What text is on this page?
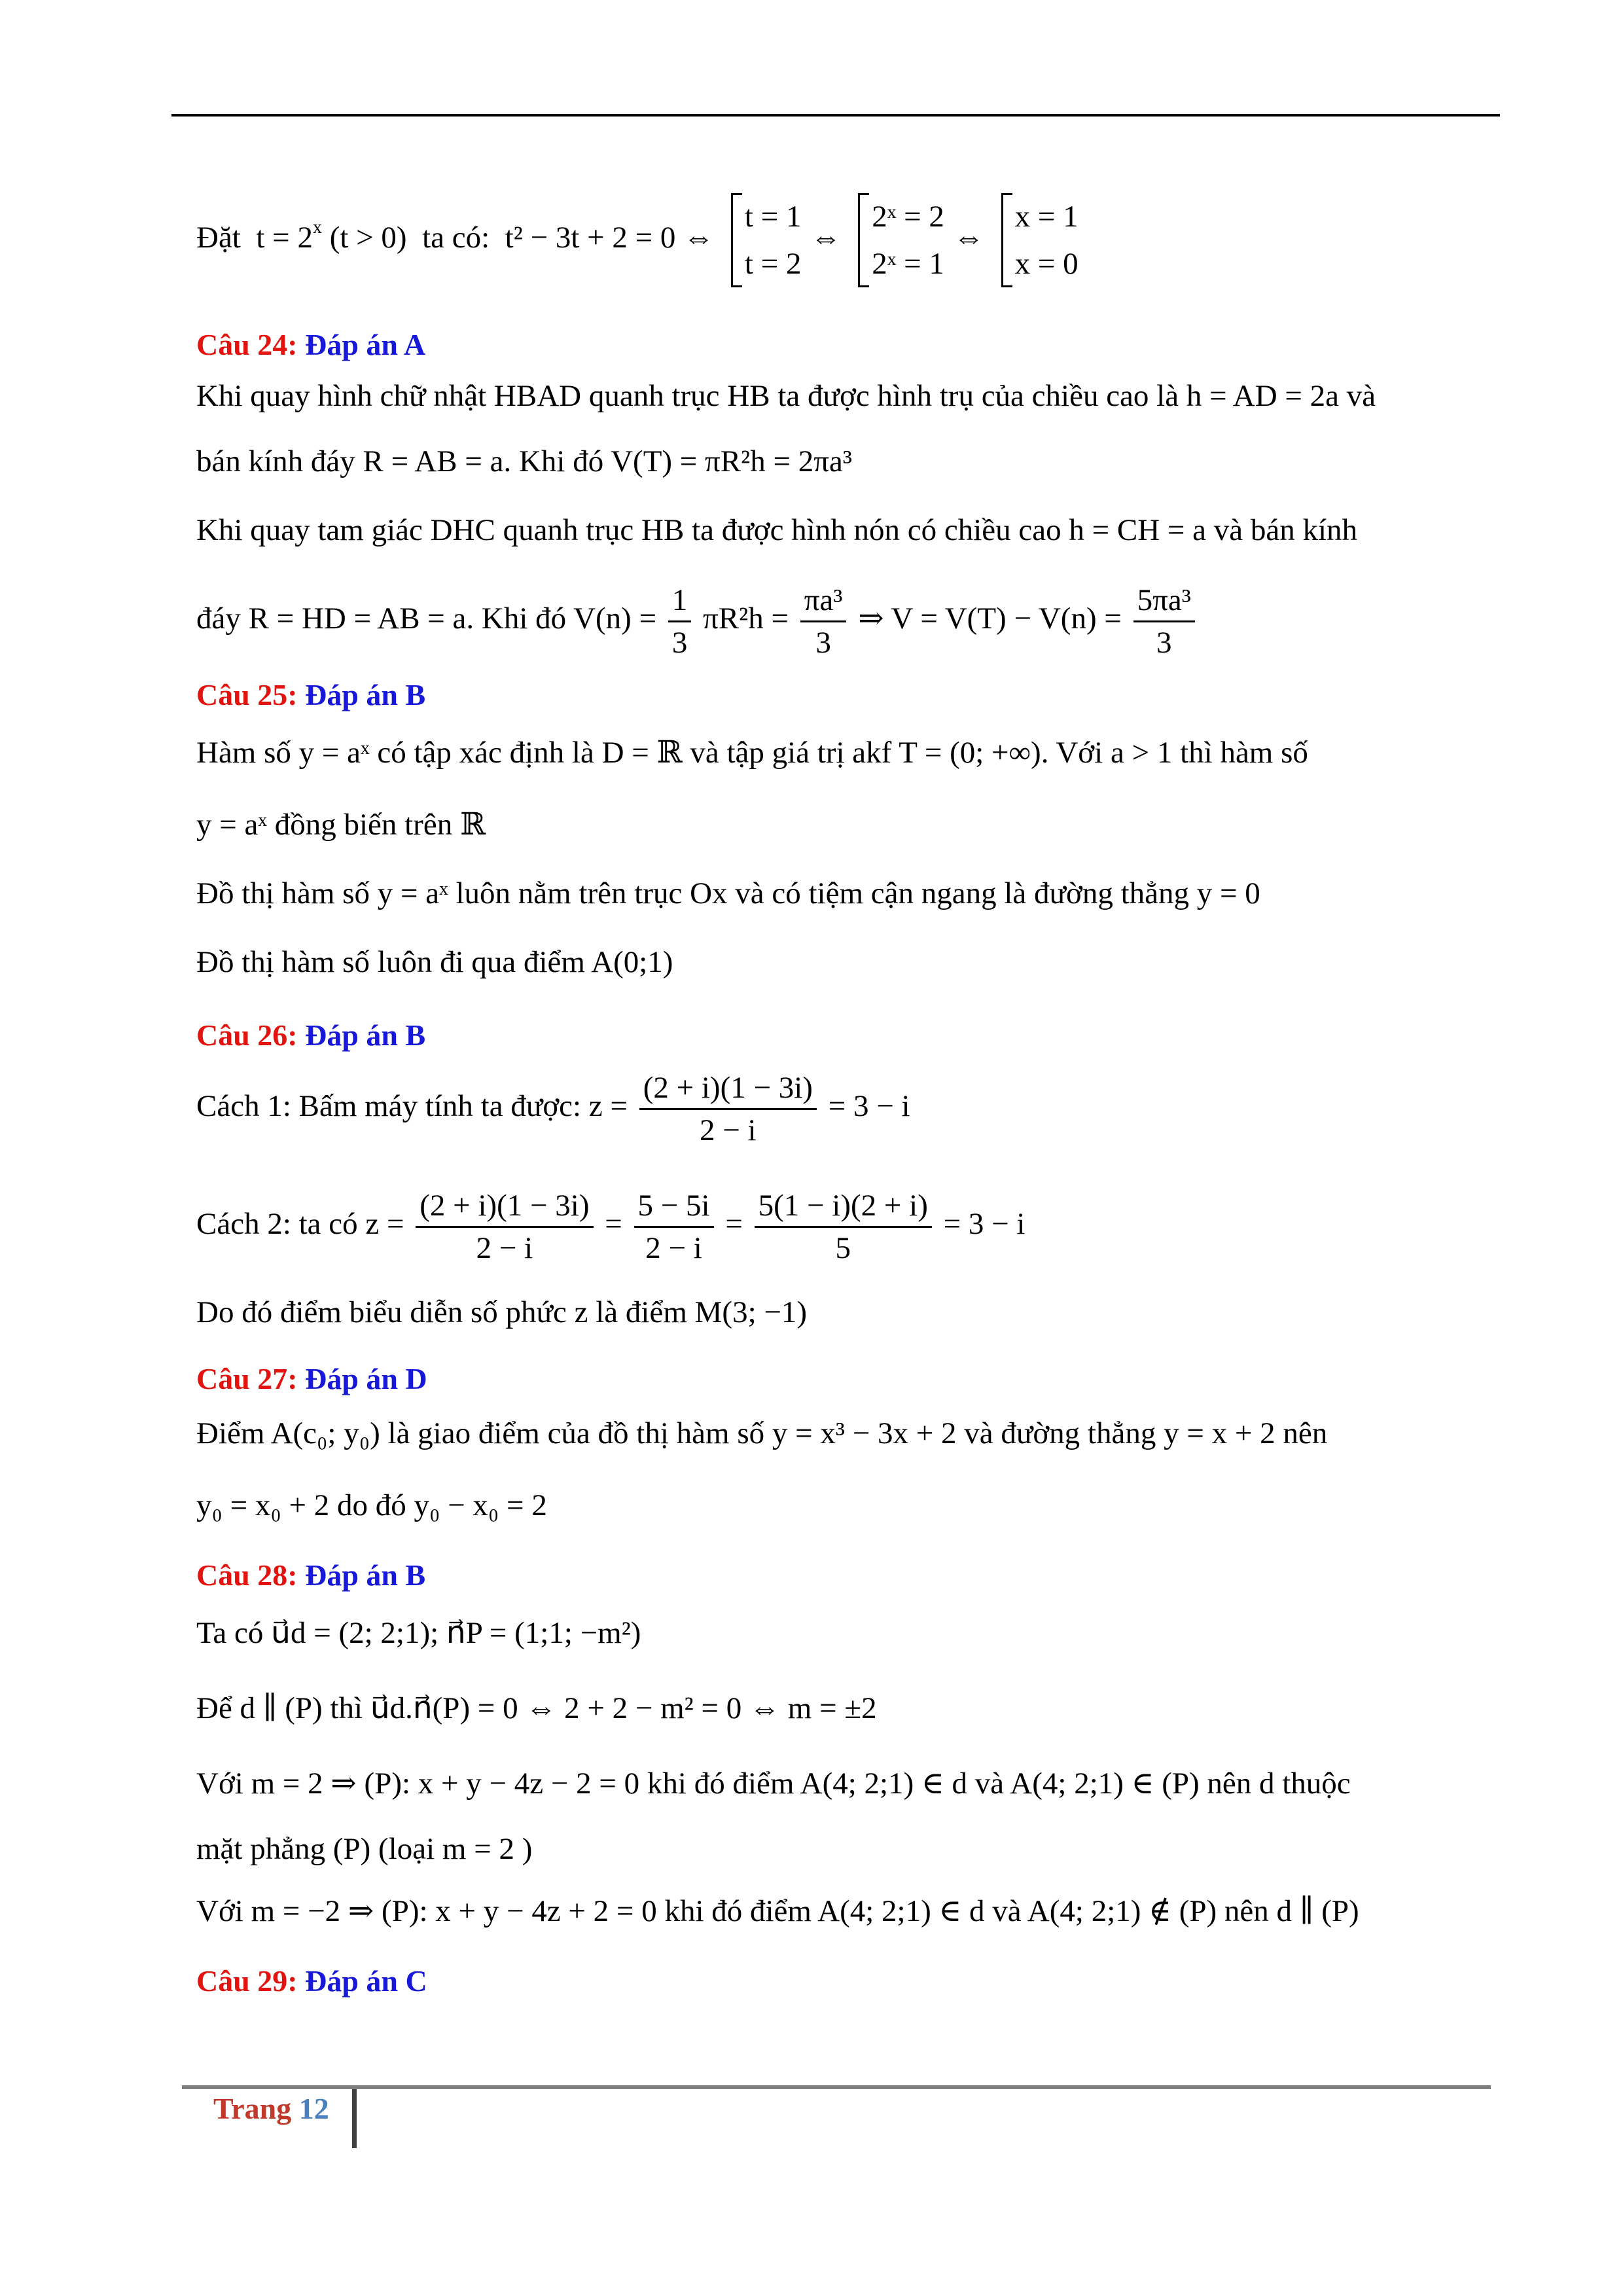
Đặt $t = 2^x$ (t > 0) ta có: t² − 3t + 2 = 0 ⇔
t = 1
t = 2
⇔
2ˣ = 2
2ˣ = 1
⇔
x = 1
x = 0
Câu 24: Đáp án A
Khi quay hình chữ nhật HBAD quanh trục HB ta được hình trụ của chiều cao là h = AD = 2a và
bán kính đáy R = AB = a. Khi đó V(T) = πR²h = 2πa³
Khi quay tam giác DHC quanh trục HB ta được hình nón có chiều cao h = CH = a và bán kính
đáy R = HD = AB = a. Khi đó $V(n) = \frac{1}{3} \pi R^2h = \frac{\text{πa³}}{3}$ ⇒ $V = V(T) - V(n) = \frac{\text{5πa³}}{3}$
Câu 25: Đáp án B
Hàm số y = aˣ có tập xác định là D = ℝ và tập giá trị akf T = (0; +∞). Với a > 1 thì hàm số
y = aˣ đồng biến trên ℝ
Đồ thị hàm số y = aˣ luôn nằm trên trục Ox và có tiệm cận ngang là đường thẳng y = 0
Đồ thị hàm số luôn đi qua điểm A(0;1)
Câu 26: Đáp án B
Cách 1: Bấm máy tính ta được: $z = \frac{(2 + i)(1 - 3i)}{2 - i} = 3 - i$
Cách 2: ta có $z = \frac{(2 + i)(1 - 3i)}{2 - i} = \frac{5 - 5i}{2 - i} = \frac{5(1 - i)(2 + i)}{5} = 3 - i$
Do đó điểm biểu diễn số phức z là điểm M(3; −1)
Câu 27: Đáp án D
Điểm A(c₀; y₀) là giao điểm của đồ thị hàm số y = x³ − 3x + 2 và đường thẳng y = x + 2 nên
y₀ = x₀ + 2 do đó y₀ − x₀ = 2
Câu 28: Đáp án B
Ta có u⃗d = (2; 2;1); n⃗P = (1;1; −m²)
Để d ∥ (P) thì u⃗d.n⃗(P) = 0 ⇔ 2 + 2 − m² = 0 ⇔ m = ±2
Với m = 2 ⇒ (P): x + y − 4z − 2 = 0 khi đó điểm A(4; 2;1) ∈ d và A(4; 2;1) ∈ (P) nên d thuộc
mặt phẳng (P) (loại m = 2 )
Với m = −2 ⇒ (P): x + y − 4z + 2 = 0 khi đó điểm A(4; 2;1) ∈ d và A(4; 2;1) ∉ (P) nên d ∥ (P)
Câu 29: Đáp án C
Trang 12
